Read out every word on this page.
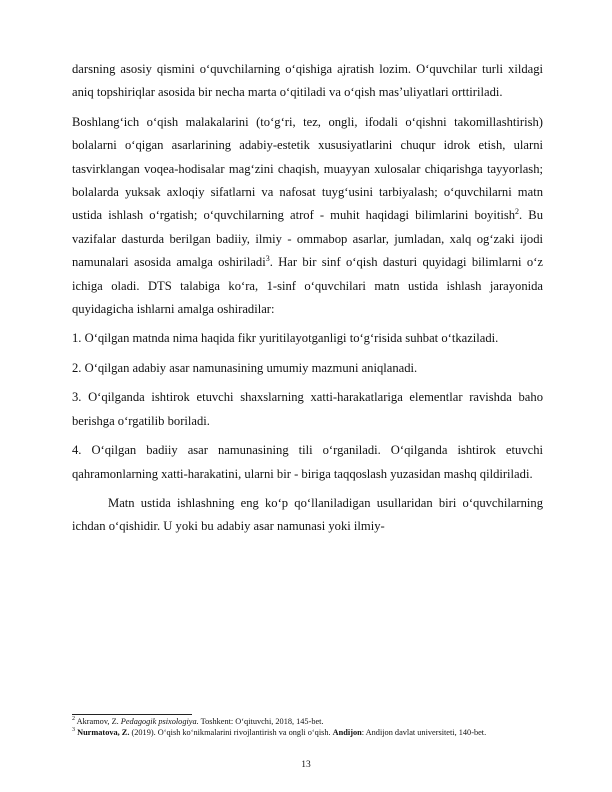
darsning asosiy qismini o‘quvchilarning o‘qishiga ajratish lozim. O‘quvchilar turli xildagi aniq topshiriqlar asosida bir necha marta o‘qitiladi va o‘qish mas’uliyatlari orttiriladi.

Boshlang‘ich o‘qish malakalarini (to‘g‘ri, tez, ongli, ifodali o‘qishni takomillashtirish) bolalarni o‘qigan asarlarining adabiy-estetik xususiyatlarini chuqur idrok etish, ularni tasvirklangan voqea-hodisalar mag‘zini chaqish, muayyan xulosalar chiqarishga tayyorlash; bolalarda yuksak axloqiy sifatlarni va nafosat tuyg‘usini tarbiyalash; o‘quvchilarni matn ustida ishlash o‘rgatish; o‘quvchilarning atrof - muhit haqidagi bilimlarini boyitish$^2$. Bu vazifalar dasturda berilgan badiiy, ilmiy - ommabop asarlar, jumladan, xalq og‘zaki ijodi namunalari asosida amalga oshiriladi$^3$. Har bir sinf o‘qish dasturi quyidagi bilimlarni o‘z ichiga oladi. DTS talabiga ko‘ra, 1-sinf o‘quvchilari matn ustida ishlash jarayonida quyidagicha ishlarni amalga oshiradilar:

1. O‘qilgan matnda nima haqida fikr yuritilayotganligi to‘g‘risida suhbat o‘tkaziladi.

2. O‘qilgan adabiy asar namunasining umumiy mazmuni aniqlanadi.

3. O‘qilganda ishtirok etuvchi shaxslarning xatti-harakatlariga elementlar ravishda baho berishga o‘rgatilib boriladi.

4. O‘qilgan badiiy asar namunasining tili o‘rganiladi. O‘qilganda ishtirok etuvchi qahramonlarning xatti-harakatini, ularni bir - biriga taqqoslash yuzasidan mashq qildiriladi.

Matn ustida ishlashning eng ko‘p qo‘llaniladigan usullaridan biri o‘quvchilarning ichdan o‘qishidir. U yoki bu adabiy asar namunasi yoki ilmiy-

$^2$ Akramov, Z. Pedagogik psixologiya. Toshkent: O‘qituvchi, 2018, 145-bet.
$^3$ Nurmatova, Z. (2019). O‘qish ko‘nikmalarini rivojlantirish va ongli o‘qish. Andijon: Andijon davlat universiteti, 140-bet.
13
